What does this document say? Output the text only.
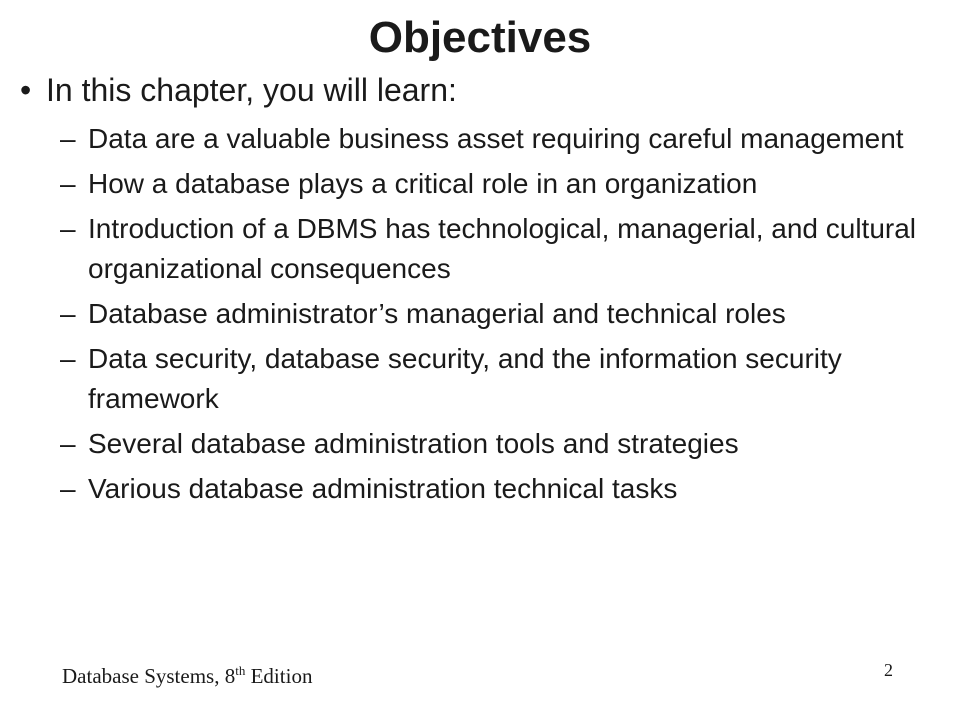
Objectives
• In this chapter, you will learn:
– Data are a valuable business asset requiring careful management
– How a database plays a critical role in an organization
– Introduction of a DBMS has technological, managerial, and cultural organizational consequences
– Database administrator’s managerial and technical roles
– Data security, database security, and the information security framework
– Several database administration tools and strategies
– Various database administration technical tasks
Database Systems, 8th Edition	2
